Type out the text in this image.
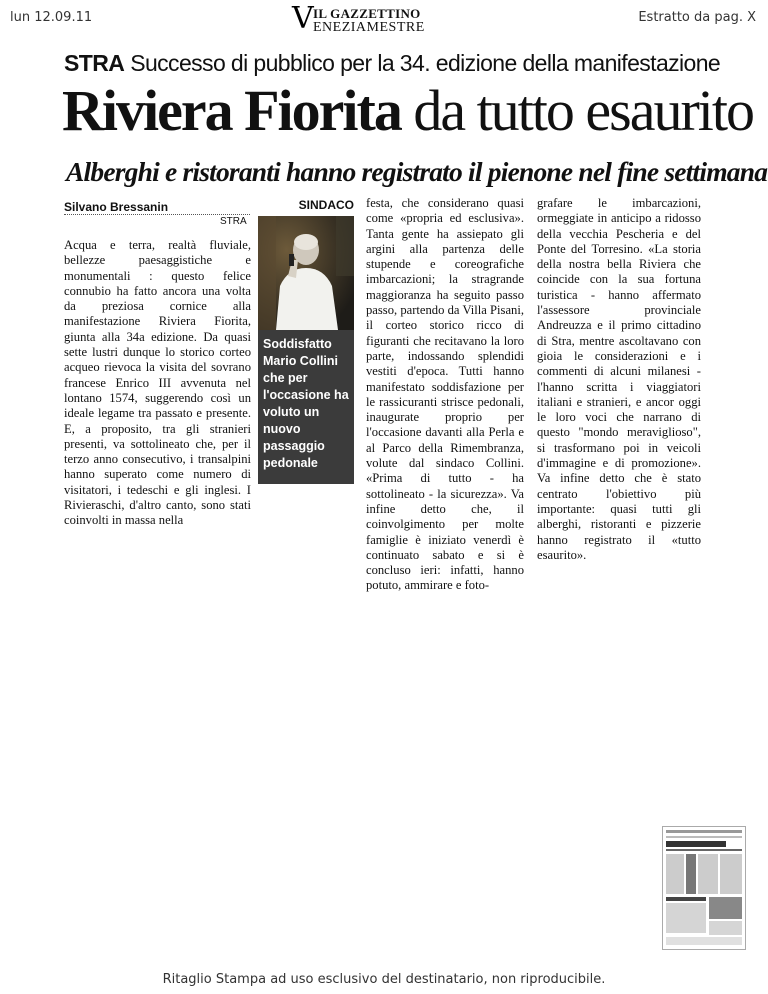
lun 12.09.11	V IL GAZZETTINO
ENEZIAMESTRE
Estratto da pag. X
STRA Successo di pubblico per la 34. edizione della manifestazione
Riviera Fiorita da tutto esaurito
Alberghi e ristoranti hanno registrato il pienone nel fine settimana
Silvano Bressanin
STRA
Acqua e terra, realtà fluviale, bellezze paesaggistiche e monumentali : questo felice connubio ha fatto ancora una volta da preziosa cornice alla manifestazione Riviera Fiorita, giunta alla 34a edizione. Da quasi sette lustri dunque lo storico corteo acqueo rievoca la visita del sovrano francese Enrico III avvenuta nel lontano 1574, suggerendo così un ideale legame tra passato e presente. E, a proposito, tra gli stranieri presenti, va sottolineato che, per il terzo anno consecutivo, i transalpini hanno superato come numero di visitatori, i tedeschi e gli inglesi. I Rivieraschi, d'altro canto, sono stati coinvolti in massa nella
SINDACO
Soddisfatto Mario Collini che per l'occasione ha voluto un nuovo passaggio pedonale
festa, che considerano quasi come «propria ed esclusiva». Tanta gente ha assiepato gli argini alla partenza delle stupende e coreografiche imbarcazioni; la stragrande maggioranza ha seguito passo passo, partendo da Villa Pisani, il corteo storico ricco di figuranti che recitavano la loro parte, indossando splendidi vestiti d'epoca. Tutti hanno manifestato soddisfazione per le rassicuranti strisce pedonali, inaugurate proprio per l'occasione davanti alla Perla e al Parco della Rimembranza, volute dal sindaco Collini. «Prima di tutto - ha sottolineato - la sicurezza». Va infine detto che, il coinvolgimento per molte famiglie è iniziato venerdì è continuato sabato e si è concluso ieri: infatti, hanno potuto, ammirare e foto-
grafare le imbarcazioni, ormeggiate in anticipo a ridosso della vecchia Pescheria e del Ponte del Torresino. «La storia della nostra bella Riviera che coincide con la sua fortuna turistica - hanno affermato l'assessore provinciale Andreuzza e il primo cittadino di Stra, mentre ascoltavano con gioia le considerazioni e i commenti di alcuni milanesi - l'hanno scritta i viaggiatori italiani e stranieri, e ancor oggi le loro voci che narrano di questo "mondo meraviglioso", si trasformano poi in veicoli d'immagine e di promozione». Va infine detto che è stato centrato l'obiettivo più importante: quasi tutti gli alberghi, ristoranti e pizzerie hanno registrato il «tutto esaurito».
Ritaglio Stampa ad uso esclusivo del destinatario, non riproducibile.
